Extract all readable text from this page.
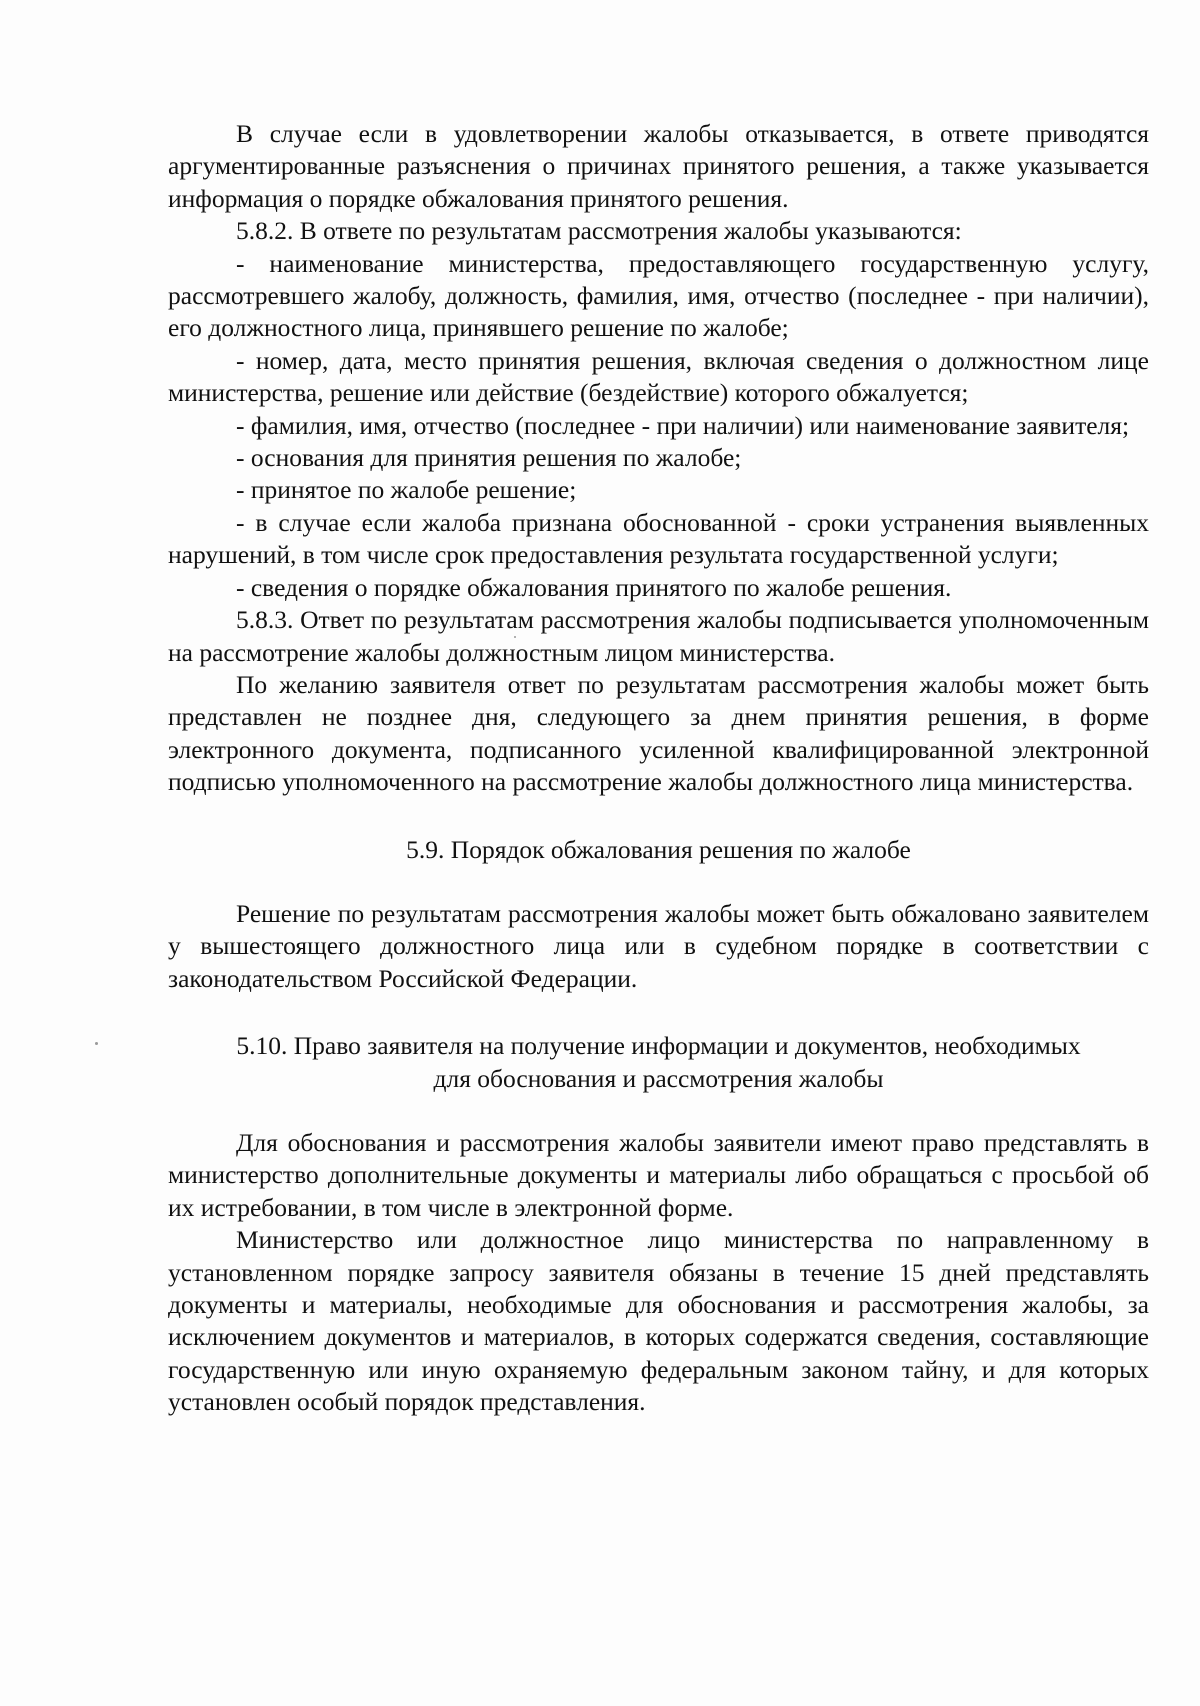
В случае если в удовлетворении жалобы отказывается, в ответе приводятся аргументированные разъяснения о причинах принятого решения, а также указывается информация о порядке обжалования принятого решения.

5.8.2. В ответе по результатам рассмотрения жалобы указываются:

- наименование министерства, предоставляющего государственную услугу, рассмотревшего жалобу, должность, фамилия, имя, отчество (последнее - при наличии), его должностного лица, принявшего решение по жалобе;

- номер, дата, место принятия решения, включая сведения о должностном лице министерства, решение или действие (бездействие) которого обжалуется;

- фамилия, имя, отчество (последнее - при наличии) или наименование заявителя;

- основания для принятия решения по жалобе;

- принятое по жалобе решение;

- в случае если жалоба признана обоснованной - сроки устранения выявленных нарушений, в том числе срок предоставления результата государственной услуги;

- сведения о порядке обжалования принятого по жалобе решения.

5.8.3. Ответ по результатам рассмотрения жалобы подписывается уполномоченным на рассмотрение жалобы должностным лицом министерства.

По желанию заявителя ответ по результатам рассмотрения жалобы может быть представлен не позднее дня, следующего за днем принятия решения, в форме электронного документа, подписанного усиленной квалифицированной электронной подписью уполномоченного на рассмотрение жалобы должностного лица министерства.

5.9. Порядок обжалования решения по жалобе

Решение по результатам рассмотрения жалобы может быть обжаловано заявителем у вышестоящего должностного лица или в судебном порядке в соответствии с законодательством Российской Федерации.

5.10. Право заявителя на получение информации и документов, необходимых

для обоснования и рассмотрения жалобы

Для обоснования и рассмотрения жалобы заявители имеют право представлять в министерство дополнительные документы и материалы либо обращаться с просьбой об их истребовании, в том числе в электронной форме.

Министерство или должностное лицо министерства по направленному в установленном порядке запросу заявителя обязаны в течение 15 дней представлять документы и материалы, необходимые для обоснования и рассмотрения жалобы, за исключением документов и материалов, в которых содержатся сведения, составляющие государственную или иную охраняемую федеральным законом тайну, и для которых установлен особый порядок представления.
